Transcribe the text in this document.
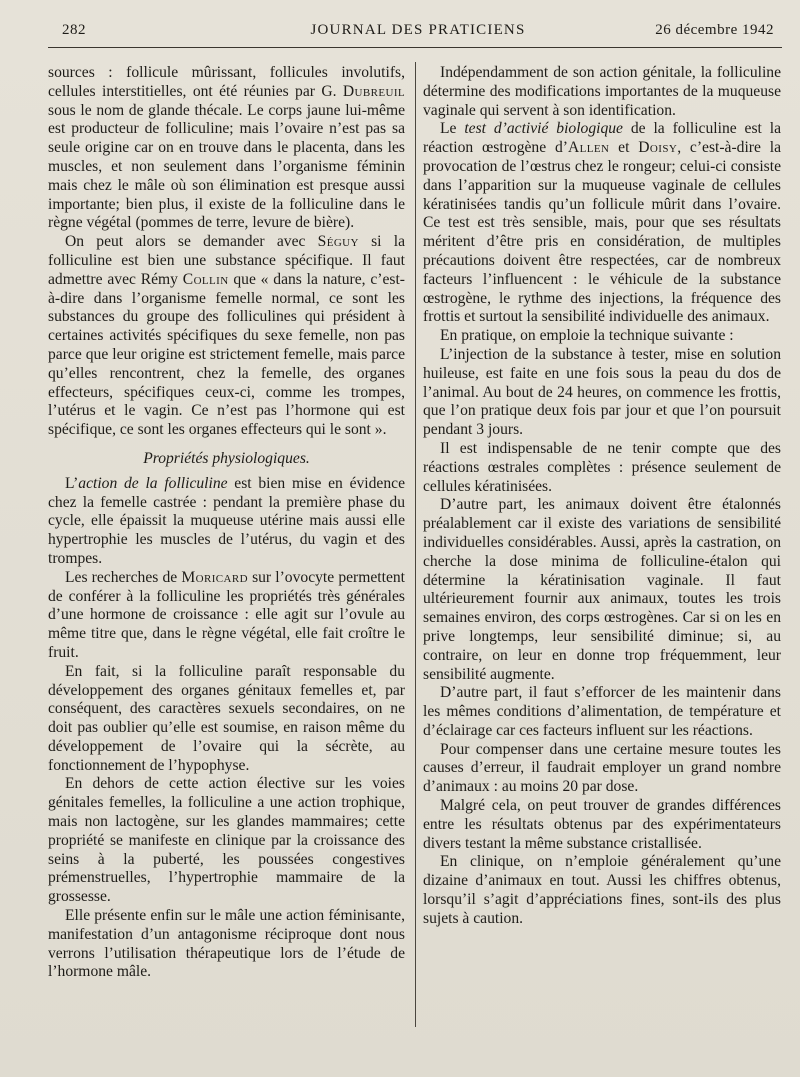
282	JOURNAL DES PRATICIENS	26 décembre 1942

sources : follicule mûrissant, follicules involutifs, cellules interstitielles, ont été réunies par G. Dubreuil sous le nom de glande thécale. Le corps jaune lui-même est producteur de folliculine; mais l’ovaire n’est pas sa seule origine car on en trouve dans le placenta, dans les muscles, et non seulement dans l’organisme féminin mais chez le mâle où son élimination est presque aussi importante; bien plus, il existe de la folliculine dans le règne végétal (pommes de terre, levure de bière).

On peut alors se demander avec Séguy si la folliculine est bien une substance spécifique. Il faut admettre avec Rémy Collin que « dans la nature, c’est-à-dire dans l’organisme femelle normal, ce sont les substances du groupe des folliculines qui président à certaines activités spécifiques du sexe femelle, non pas parce que leur origine est strictement femelle, mais parce qu’elles rencontrent, chez la femelle, des organes effecteurs, spécifiques ceux-ci, comme les trompes, l’utérus et le vagin. Ce n’est pas l’hormone qui est spécifique, ce sont les organes effecteurs qui le sont ».

Propriétés physiologiques.

L’action de la folliculine est bien mise en évidence chez la femelle castrée : pendant la première phase du cycle, elle épaissit la muqueuse utérine mais aussi elle hypertrophie les muscles de l’utérus, du vagin et des trompes.

Les recherches de Moricard sur l’ovocyte permettent de conférer à la folliculine les propriétés très générales d’une hormone de croissance : elle agit sur l’ovule au même titre que, dans le règne végétal, elle fait croître le fruit.

En fait, si la folliculine paraît responsable du développement des organes génitaux femelles et, par conséquent, des caractères sexuels secondaires, on ne doit pas oublier qu’elle est soumise, en raison même du développement de l’ovaire qui la sécrète, au fonctionnement de l’hypophyse.

En dehors de cette action élective sur les voies génitales femelles, la folliculine a une action trophique, mais non lactogène, sur les glandes mammaires; cette propriété se manifeste en clinique par la croissance des seins à la puberté, les poussées congestives prémenstruelles, l’hypertrophie mammaire de la grossesse.

Elle présente enfin sur le mâle une action féminisante, manifestation d’un antagonisme réciproque dont nous verrons l’utilisation thérapeutique lors de l’étude de l’hormone mâle.

Indépendamment de son action génitale, la folliculine détermine des modifications importantes de la muqueuse vaginale qui servent à son identification.

Le test d’activié biologique de la folliculine est la réaction œstrogène d’Allen et Doisy, c’est-à-dire la provocation de l’œstrus chez le rongeur; celui-ci consiste dans l’apparition sur la muqueuse vaginale de cellules kératinisées tandis qu’un follicule mûrit dans l’ovaire. Ce test est très sensible, mais, pour que ses résultats méritent d’être pris en considération, de multiples précautions doivent être respectées, car de nombreux facteurs l’influencent : le véhicule de la substance œstrogène, le rythme des injections, la fréquence des frottis et surtout la sensibilité individuelle des animaux.

En pratique, on emploie la technique suivante :

L’injection de la substance à tester, mise en solution huileuse, est faite en une fois sous la peau du dos de l’animal. Au bout de 24 heures, on commence les frottis, que l’on pratique deux fois par jour et que l’on poursuit pendant 3 jours.

Il est indispensable de ne tenir compte que des réactions œstrales complètes : présence seulement de cellules kératinisées.

D’autre part, les animaux doivent être étalonnés préalablement car il existe des variations de sensibilité individuelles considérables. Aussi, après la castration, on cherche la dose minima de folliculine-étalon qui détermine la kératinisation vaginale. Il faut ultérieurement fournir aux animaux, toutes les trois semaines environ, des corps œstrogènes. Car si on les en prive longtemps, leur sensibilité diminue; si, au contraire, on leur en donne trop fréquemment, leur sensibilité augmente.

D’autre part, il faut s’efforcer de les maintenir dans les mêmes conditions d’alimentation, de température et d’éclairage car ces facteurs influent sur les réactions.

Pour compenser dans une certaine mesure toutes les causes d’erreur, il faudrait employer un grand nombre d’animaux : au moins 20 par dose.

Malgré cela, on peut trouver de grandes différences entre les résultats obtenus par des expérimentateurs divers testant la même substance cristallisée.

En clinique, on n’emploie généralement qu’une dizaine d’animaux en tout. Aussi les chiffres obtenus, lorsqu’il s’agit d’appréciations fines, sont-ils des plus sujets à caution.
